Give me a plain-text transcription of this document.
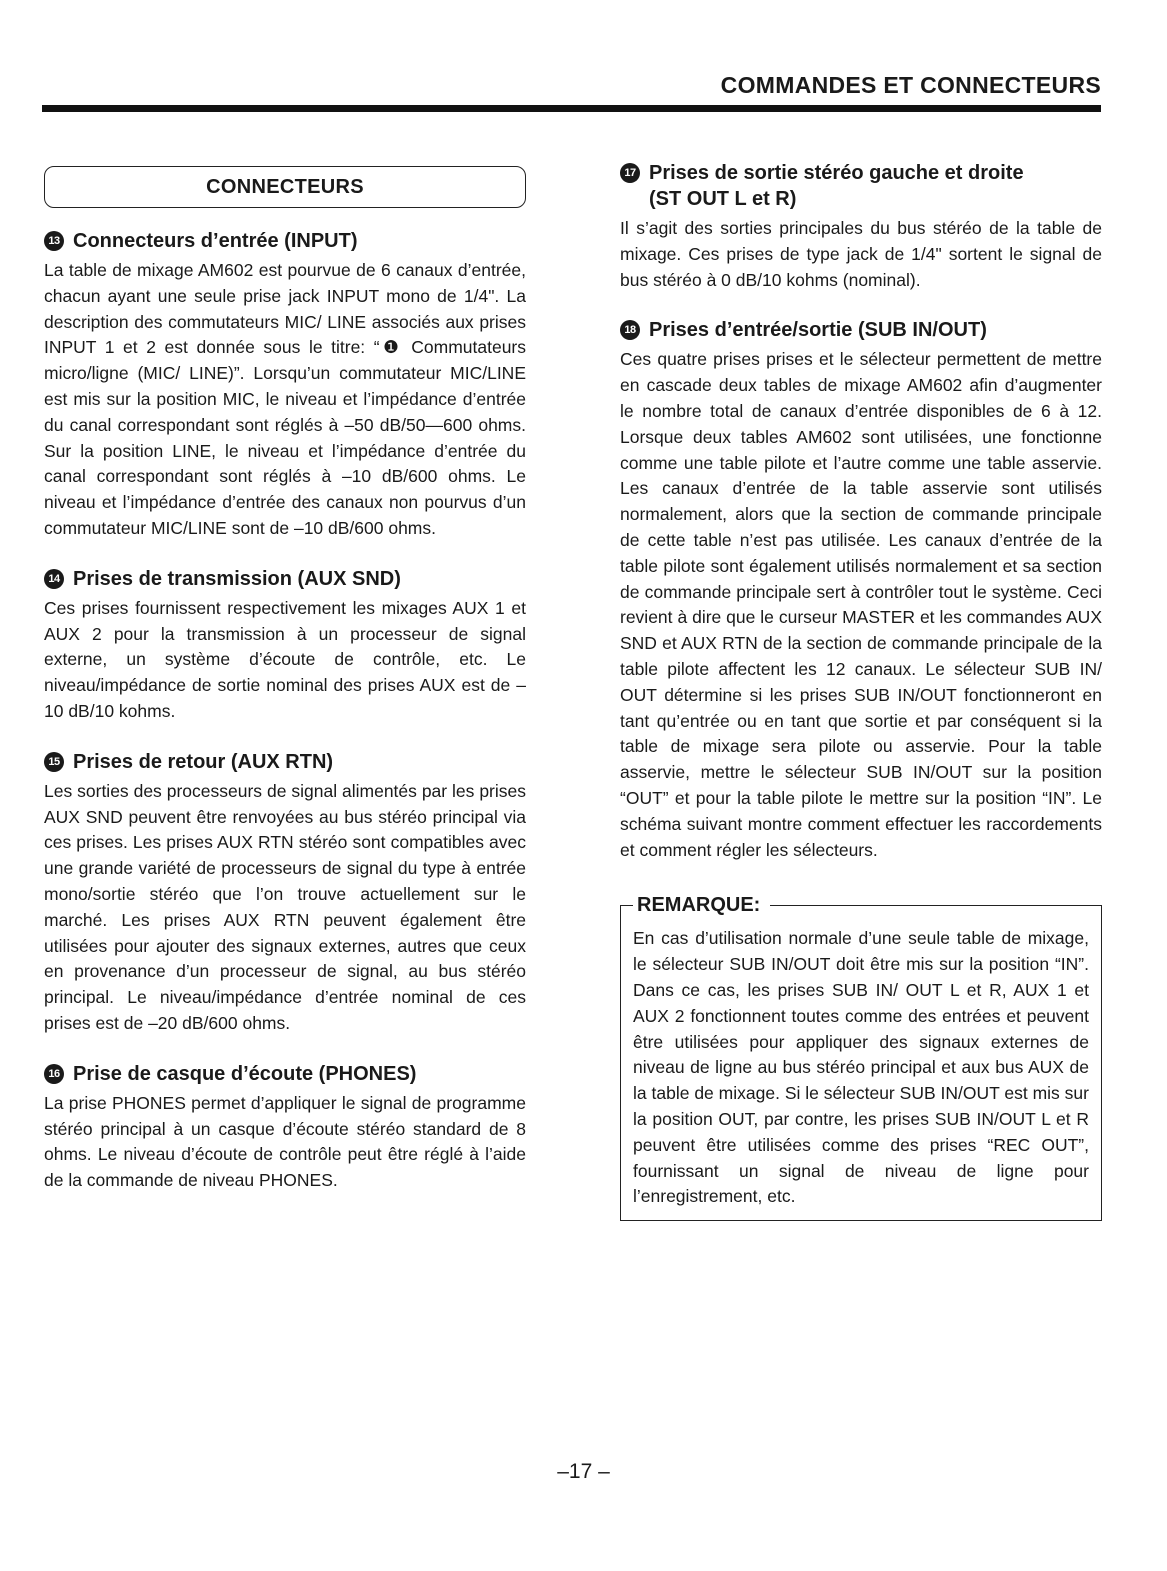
COMMANDES ET CONNECTEURS
CONNECTEURS
13 Connecteurs d’entrée (INPUT)

La table de mixage AM602 est pourvue de 6 canaux d’entrée, chacun ayant une seule prise jack INPUT mono de 1/4". La description des commutateurs MIC/ LINE associés aux prises INPUT 1 et 2 est donnée sous le titre: “❶ Commutateurs micro/ligne (MIC/ LINE)”. Lorsqu’un commutateur MIC/LINE est mis sur la position MIC, le niveau et l’impédance d’entrée du canal correspondant sont réglés à –50 dB/50—600 ohms. Sur la position LINE, le niveau et l’impédance d’entrée du canal correspondant sont réglés à –10 dB/600 ohms. Le niveau et l’impédance d’entrée des canaux non pourvus d’un commutateur MIC/LINE sont de –10 dB/600 ohms.

14 Prises de transmission (AUX SND)

Ces prises fournissent respectivement les mixages AUX 1 et AUX 2 pour la transmission à un processeur de signal externe, un système d’écoute de contrôle, etc. Le niveau/impédance de sortie nominal des prises AUX est de –10 dB/10 kohms.

15 Prises de retour (AUX RTN)

Les sorties des processeurs de signal alimentés par les prises AUX SND peuvent être renvoyées au bus stéréo principal via ces prises. Les prises AUX RTN stéréo sont compatibles avec une grande variété de processeurs de signal du type à entrée mono/sortie stéréo que l’on trouve actuellement sur le marché. Les prises AUX RTN peuvent également être utilisées pour ajouter des signaux externes, autres que ceux en provenance d’un processeur de signal, au bus stéréo principal. Le niveau/impédance d’entrée nominal de ces prises est de –20 dB/600 ohms.

16 Prise de casque d’écoute (PHONES)

La prise PHONES permet d’appliquer le signal de programme stéréo principal à un casque d’écoute stéréo standard de 8 ohms. Le niveau d’écoute de contrôle peut être réglé à l’aide de la commande de niveau PHONES.

17 Prises de sortie stéréo gauche et droite
(ST OUT L et R)

Il s’agit des sorties principales du bus stéréo de la table de mixage. Ces prises de type jack de 1/4" sortent le signal de bus stéréo à 0 dB/10 kohms (nominal).

18 Prises d’entrée/sortie (SUB IN/OUT)

Ces quatre prises prises et le sélecteur permettent de mettre en cascade deux tables de mixage AM602 afin d’augmenter le nombre total de canaux d’entrée disponibles de 6 à 12. Lorsque deux tables AM602 sont utilisées, une fonctionne comme une table pilote et l’autre comme une table asservie. Les canaux d’entrée de la table asservie sont utilisés normalement, alors que la section de commande principale de cette table n’est pas utilisée. Les canaux d’entrée de la table pilote sont également utilisés normalement et sa section de commande principale sert à contrôler tout le système. Ceci revient à dire que le curseur MASTER et les commandes AUX SND et AUX RTN de la section de commande principale de la table pilote affectent les 12 canaux. Le sélecteur SUB IN/ OUT détermine si les prises SUB IN/OUT fonctionneront en tant qu’entrée ou en tant que sortie et par conséquent si la table de mixage sera pilote ou asservie. Pour la table asservie, mettre le sélecteur SUB IN/OUT sur la position “OUT” et pour la table pilote le mettre sur la position “IN”. Le schéma suivant montre comment effectuer les raccordements et comment régler les sélecteurs.

REMARQUE:

En cas d’utilisation normale d’une seule table de mixage, le sélecteur SUB IN/OUT doit être mis sur la position “IN”. Dans ce cas, les prises SUB IN/ OUT L et R, AUX 1 et AUX 2 fonctionnent toutes comme des entrées et peuvent être utilisées pour appliquer des signaux externes de niveau de ligne au bus stéréo principal et aux bus AUX de la table de mixage. Si le sélecteur SUB IN/OUT est mis sur la position OUT, par contre, les prises SUB IN/OUT L et R peuvent être utilisées comme des prises “REC OUT”, fournissant un signal de niveau de ligne pour l’enregistrement, etc.

–17 –
